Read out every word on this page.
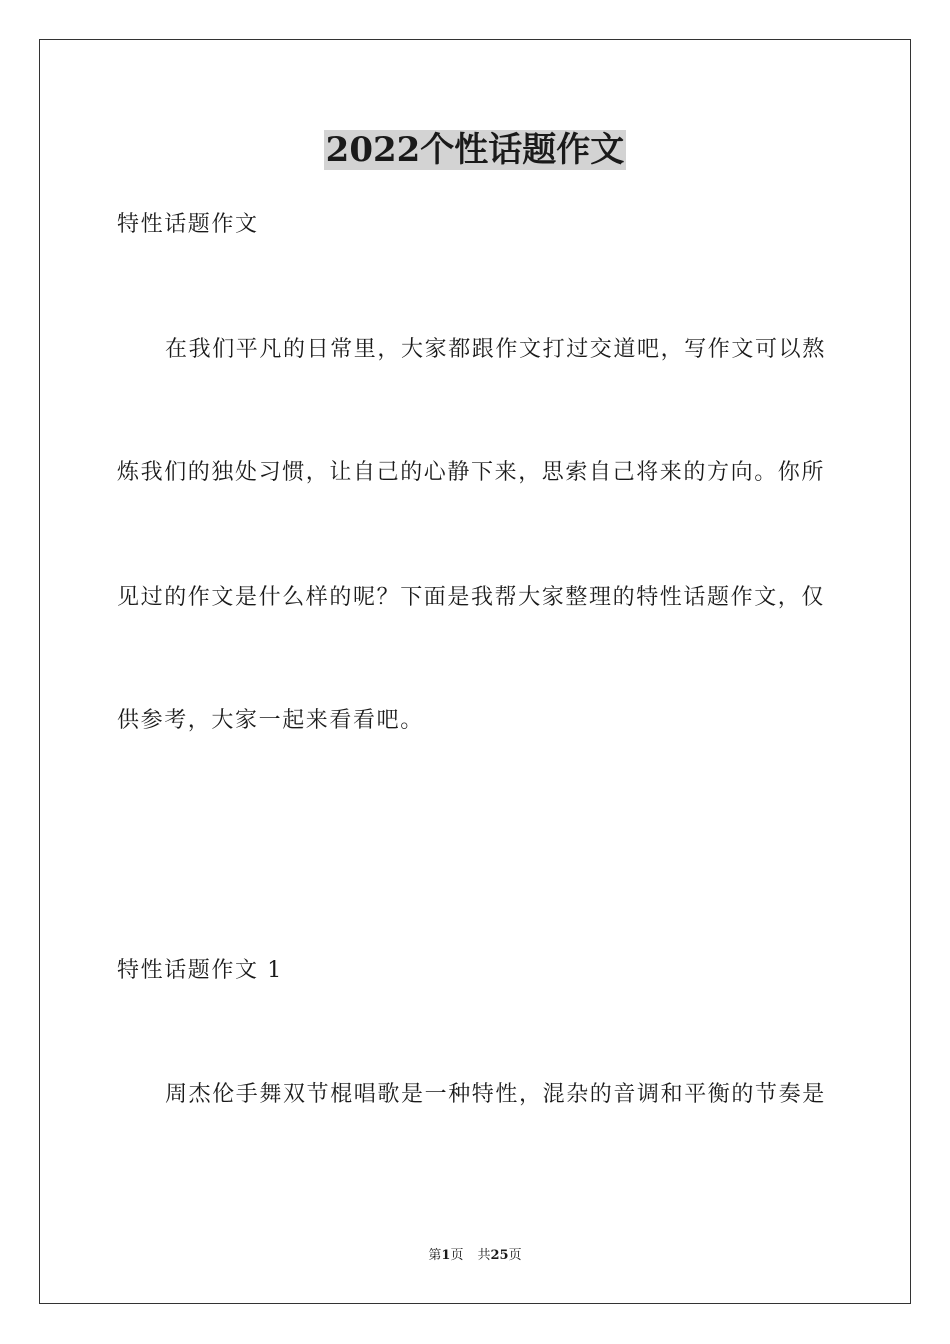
2022个性话题作文
特性话题作文
在我们平凡的日常里，大家都跟作文打过交道吧，写作文可以熬
炼我们的独处习惯，让自己的心静下来，思索自己将来的方向。你所
见过的作文是什么样的呢？下面是我帮大家整理的特性话题作文，仅
供参考，大家一起来看看吧。
特性话题作文 1
周杰伦手舞双节棍唱歌是一种特性，混杂的音调和平衡的节奏是
第1页 共25页
